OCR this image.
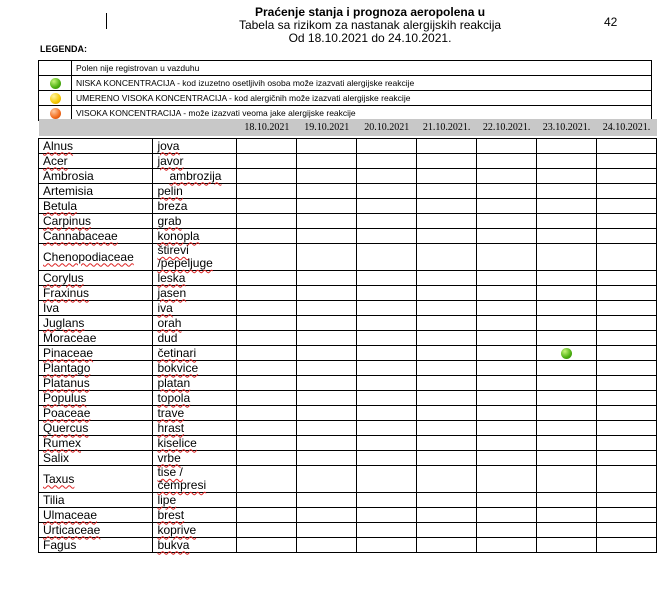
Praćenje stanja i prognoza aeropolena u
Tabela sa rizikom za nastanak alergijskih reakcija
Od 18.10.2021 do 24.10.2021.
42
LEGENDA:
	Polen nije registrovan u vazduhu
	NISKA KONCENTRACIJA - kod izuzetno osetljivih osoba može izazvati alergijske reakcije
	UMERENO VISOKA KONCENTRACIJA - kod alergičnih može izazvati alergijske reakcije
	VISOKA KONCENTRACIJA - može izazvati veoma jake alergijske reakcije
		18.10.2021	19.10.2021	20.10.2021	21.10.2021.	22.10.2021.	23.10.2021.	24.10.2021.

Alnus	jova							
Acer	javor							
Ambrosia	ambrozija							
Artemisia	pelin							
Betula	breza							
Carpinus	grab							
Cannabaceae	konopla							
Chenopodiaceae	štirevi /pepeljuge							
Corylus	leska							
Fraxinus	jasen							
Iva	iva							
Juglans	orah							
Moraceae	dud							
Pinaceae	četinari							
Plantago	bokvice							
Platanus	platan							
Populus	topola							
Poaceae	trave							
Quercus	hrast							
Rumex	kiselice							
Salix	vrbe							
Taxus	tise / čempresi							
Tilia	lipe							
Ulmaceae	brest							
Urticaceae	koprive							
Fagus	bukva							
